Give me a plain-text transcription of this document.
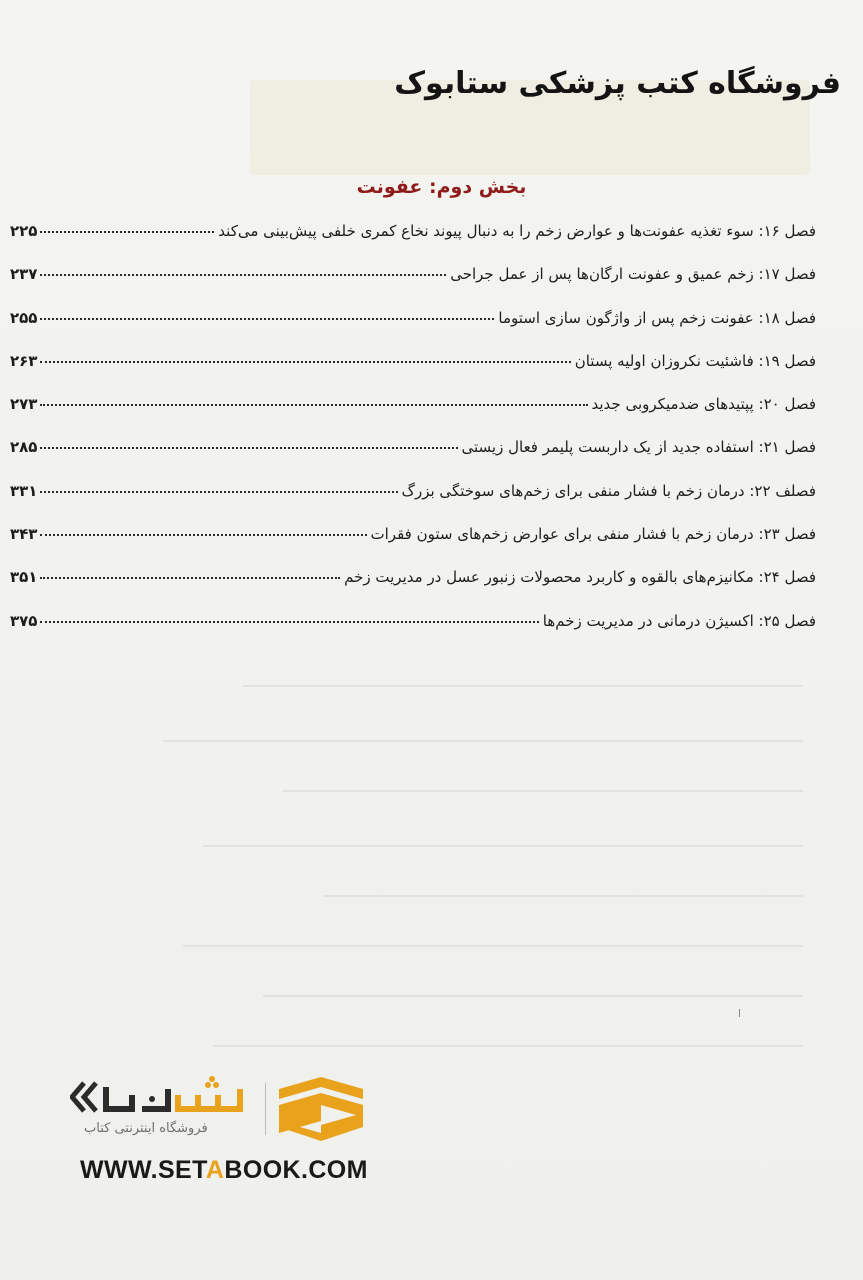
فروشگاه کتب پزشکی ستابوک
بخش دوم: عفونت
فصل ۱۶: سوء تغذیه عفونت‌ها و عوارض زخم را به دنبال پیوند نخاع کمری خلفی پیش‌بینی می‌کند
۲۲۵
فصل ۱۷: زخم عمیق و عفونت ارگان‌ها پس از عمل جراحی
۲۳۷
فصل ۱۸: عفونت زخم پس از واژگون سازی استوما
۲۵۵
فصل ۱۹: فاشئیت نکروزان اولیه پستان
۲۶۳
فصل ۲۰: پپتیدهای ضدمیکروبی جدید
۲۷۳
فصل ۲۱: استفاده جدید از یک داربست پلیمر فعال زیستی
۲۸۵
فصلف ۲۲: درمان زخم با فشار منفی برای زخم‌های سوختگی بزرگ
۳۳۱
فصل ۲۳: درمان زخم با فشار منفی برای عوارض زخم‌های ستون فقرات
۳۴۳
فصل ۲۴: مکانیزم‌های بالقوه و کاربرد محصولات زنبور عسل در مدیریت زخم
۳۵۱
فصل ۲۵: اکسیژن درمانی در مدیریت زخم‌ها
۳۷۵
فروشگاه اینترنتی کتاب
WWW.SETABOOK.COM
